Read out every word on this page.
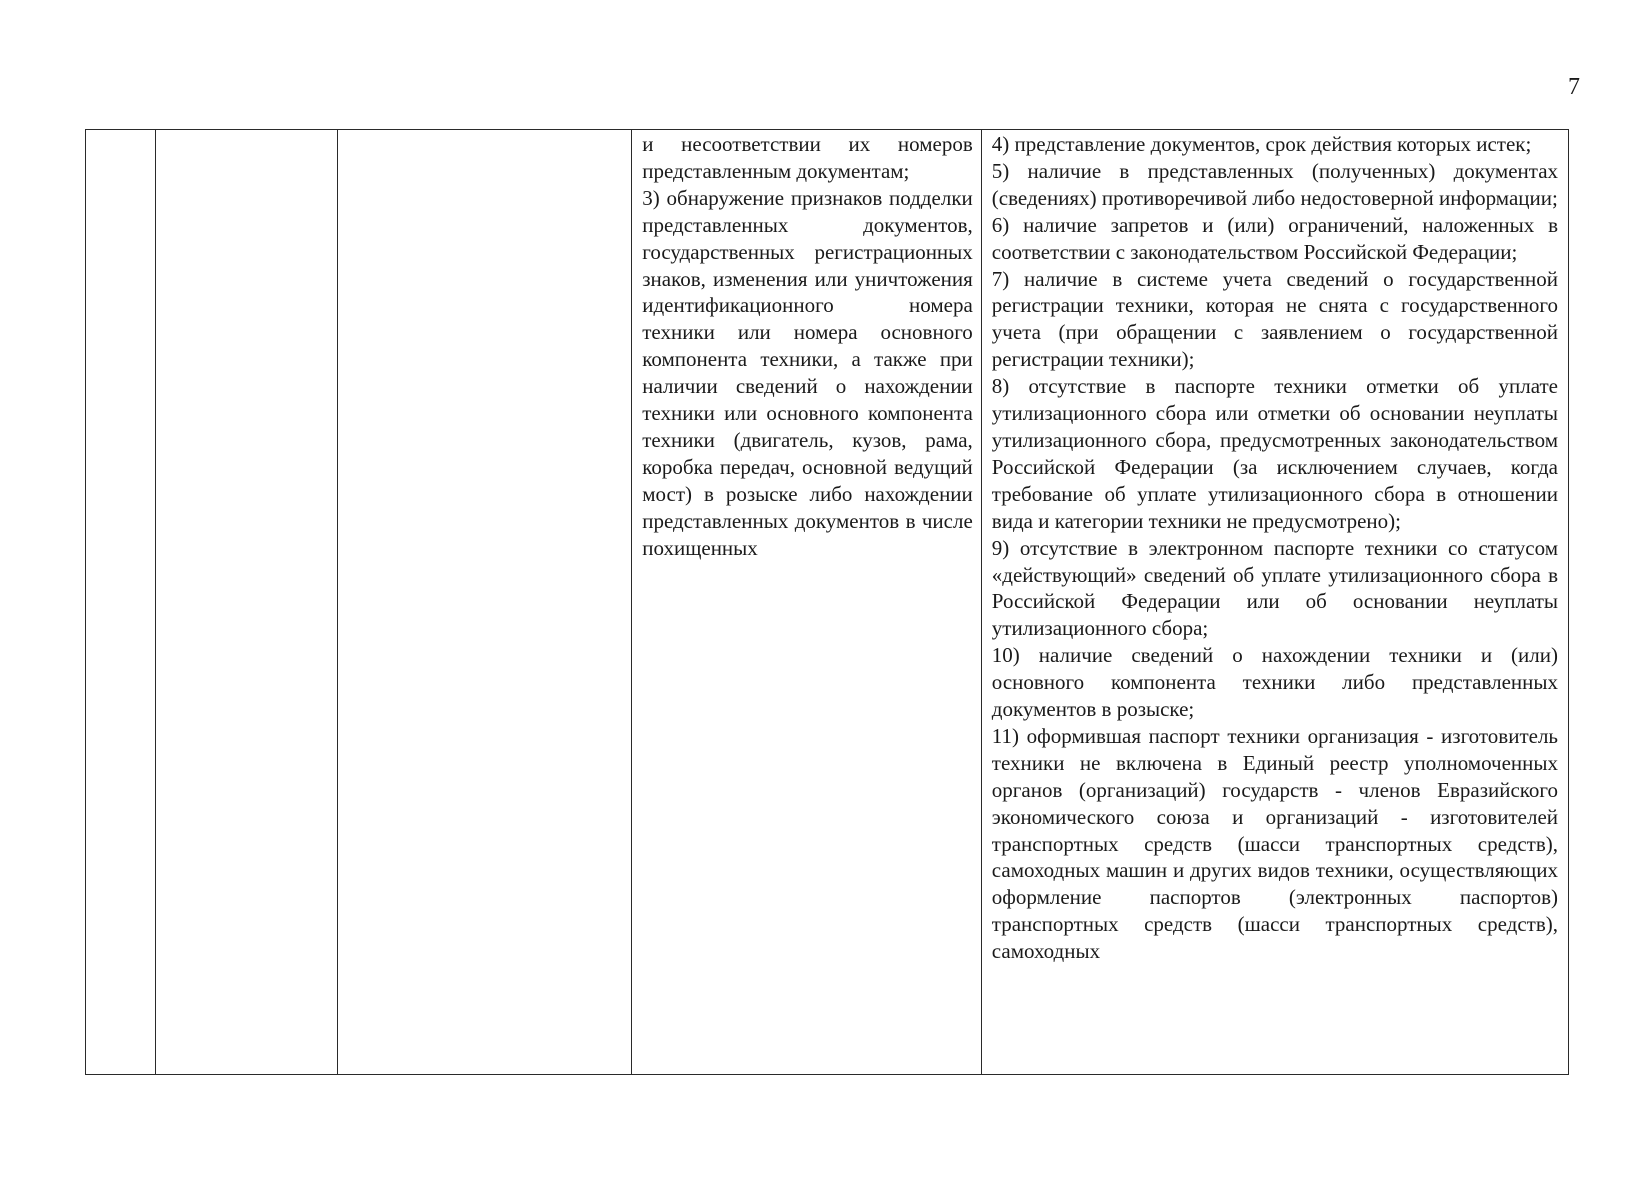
7

и несоответствии их номеров представленным документам;

3) обнаружение признаков подделки представленных документов, государственных регистрационных знаков, изменения или уничтожения идентификационного номера техники или номера основного компонента техники, а также при наличии сведений о нахождении техники или основного компонента техники (двигатель, кузов, рама, коробка передач, основной ведущий мост) в розыске либо нахождении представленных документов в числе похищенных

4) представление документов, срок действия которых истек;

5) наличие в представленных (полученных) документах (сведениях) противоречивой либо недостоверной информации;

6) наличие запретов и (или) ограничений, наложенных в соответствии с законодательством Российской Федерации;

7) наличие в системе учета сведений о государственной регистрации техники, которая не снята с государственного учета (при обращении с заявлением о государственной регистрации техники);

8) отсутствие в паспорте техники отметки об уплате утилизационного сбора или отметки об основании неуплаты утилизационного сбора, предусмотренных законодательством Российской Федерации (за исключением случаев, когда требование об уплате утилизационного сбора в отношении вида и категории техники не предусмотрено);

9) отсутствие в электронном паспорте техники со статусом «действующий» сведений об уплате утилизационного сбора в Российской Федерации или об основании неуплаты утилизационного сбора;

10) наличие сведений о нахождении техники и (или) основного компонента техники либо представленных документов в розыске;

11) оформившая паспорт техники организация - изготовитель техники не включена в Единый реестр уполномоченных органов (организаций) государств - членов Евразийского экономического союза и организаций - изготовителей транспортных средств (шасси транспортных средств), самоходных машин и других видов техники, осуществляющих оформление паспортов (электронных паспортов) транспортных средств (шасси транспортных средств), самоходных
